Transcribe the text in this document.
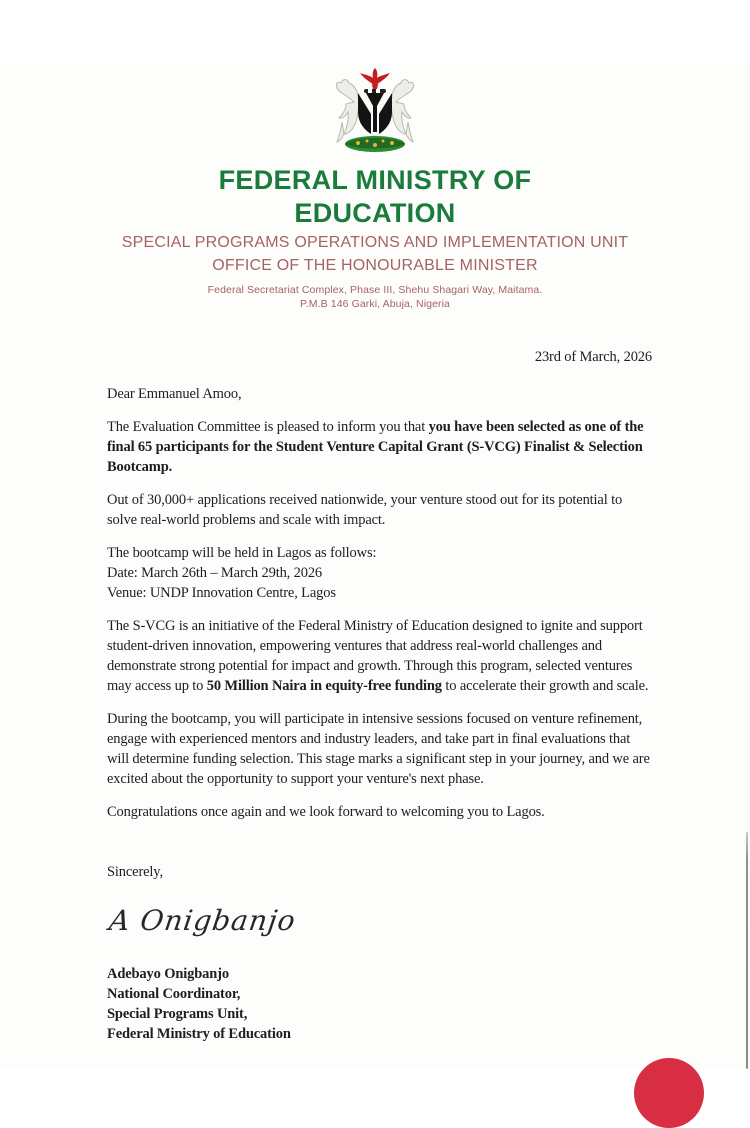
FEDERAL MINISTRY OF
EDUCATION
SPECIAL PROGRAMS OPERATIONS AND IMPLEMENTATION UNIT
OFFICE OF THE HONOURABLE MINISTER
Federal Secretariat Complex, Phase III, Shehu Shagari Way, Maitama.
P.M.B 146 Garki, Abuja, Nigeria
23rd of March, 2026
Dear Emmanuel Amoo,

The Evaluation Committee is pleased to inform you that you have been selected as one of the final 65 participants for the Student Venture Capital Grant (S-VCG) Finalist & Selection Bootcamp.

Out of 30,000+ applications received nationwide, your venture stood out for its potential to solve real-world problems and scale with impact.

The bootcamp will be held in Lagos as follows:

Date: March 26th – March 29th, 2026

Venue: UNDP Innovation Centre, Lagos

The S-VCG is an initiative of the Federal Ministry of Education designed to ignite and support student-driven innovation, empowering ventures that address real-world challenges and demonstrate strong potential for impact and growth. Through this program, selected ventures may access up to 50 Million Naira in equity-free funding to accelerate their growth and scale.

During the bootcamp, you will participate in intensive sessions focused on venture refinement, engage with experienced mentors and industry leaders, and take part in final evaluations that will determine funding selection. This stage marks a significant step in your journey, and we are excited about the opportunity to support your venture's next phase.

Congratulations once again and we look forward to welcoming you to Lagos.

Sincerely,
A Onigbanjo
Adebayo Onigbanjo
National Coordinator,
Special Programs Unit,
Federal Ministry of Education
